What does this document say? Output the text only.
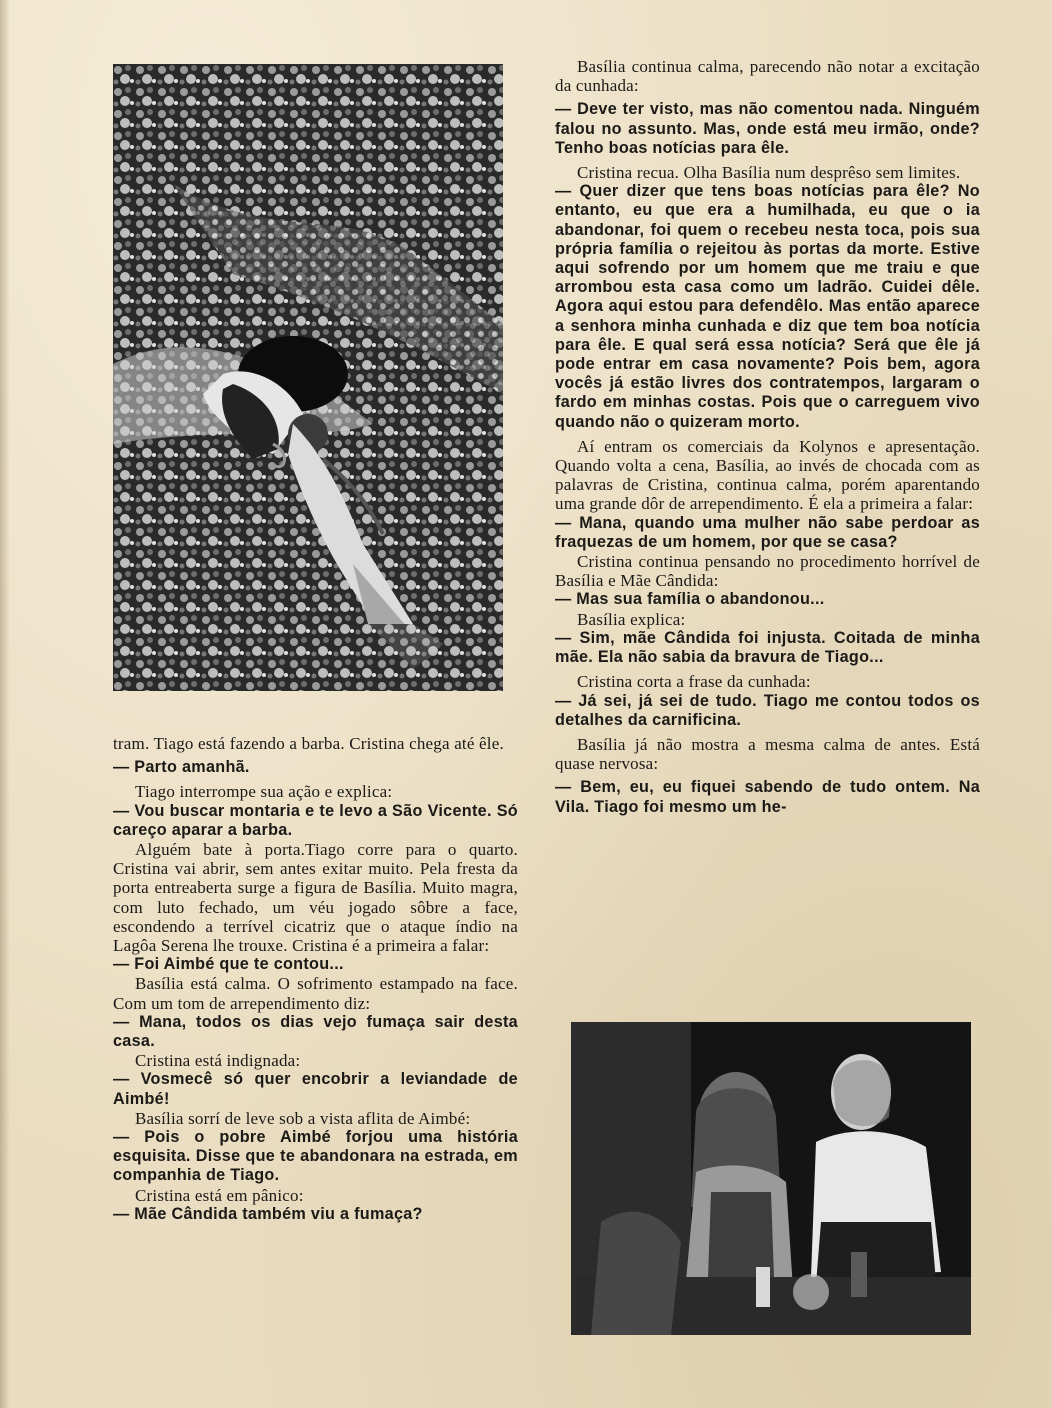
Basília continua calma, parecendo não notar a excitação da cunhada:

— Deve ter visto, mas não comentou nada. Ninguém falou no assunto. Mas, onde está meu irmão, onde? Tenho boas notícias para êle.

Cristina recua. Olha Basília num desprêso sem limites.

— Quer dizer que tens boas notícias para êle? No entanto, eu que era a humilhada, eu que o ia abandonar, foi quem o recebeu nesta toca, pois sua própria família o rejeitou às portas da morte. Estive aqui sofrendo por um homem que me traiu e que arrombou esta casa como um ladrão. Cuidei dêle. Agora aqui estou para defendêlo. Mas então aparece a senhora minha cunhada e diz que tem boa notícia para êle. E qual será essa notícia? Será que êle já pode entrar em casa novamente? Pois bem, agora vocês já estão livres dos contratempos, largaram o fardo em minhas costas. Pois que o carreguem vivo quando não o quizeram morto.

Aí entram os comerciais da Kolynos e apresentação. Quando volta a cena, Basília, ao invés de chocada com as palavras de Cristina, continua calma, porém aparentando uma grande dôr de arrependimento. É ela a primeira a falar:

— Mana, quando uma mulher não sabe perdoar as fraquezas de um homem, por que se casa?

Cristina continua pensando no procedimento horrível de Basília e Mãe Cândida:

— Mas sua família o abandonou...

Basília explica:

— Sim, mãe Cândida foi injusta. Coitada de minha mãe. Ela não sabia da bravura de Tiago...

Cristina corta a frase da cunhada:

— Já sei, já sei de tudo. Tiago me contou todos os detalhes da carnificina.

Basília já não mostra a mesma calma de antes. Está quase nervosa:

— Bem, eu, eu fiquei sabendo de tudo ontem. Na Vila. Tiago foi mesmo um he-

tram. Tiago está fazendo a barba. Cristina chega até êle.

— Parto amanhã.

Tiago interrompe sua ação e explica:

— Vou buscar montaria e te levo a São Vicente. Só careço aparar a barba.

Alguém bate à porta.Tiago corre para o quarto. Cristina vai abrir, sem antes exitar muito. Pela fresta da porta entreaberta surge a figura de Basília. Muito magra, com luto fechado, um véu jogado sôbre a face, escondendo a terrível cicatriz que o ataque índio na Lagôa Serena lhe trouxe. Cristina é a primeira a falar:

— Foi Aimbé que te contou...

Basília está calma. O sofrimento estampado na face. Com um tom de arrependimento diz:

— Mana, todos os dias vejo fumaça sair desta casa.

Cristina está indignada:

— Vosmecê só quer encobrir a leviandade de Aimbé!

Basília sorrí de leve sob a vista aflita de Aimbé:

— Pois o pobre Aimbé forjou uma história esquisita. Disse que te abandonara na estrada, em companhia de Tiago.

Cristina está em pânico:

— Mãe Cândida também viu a fumaça?
